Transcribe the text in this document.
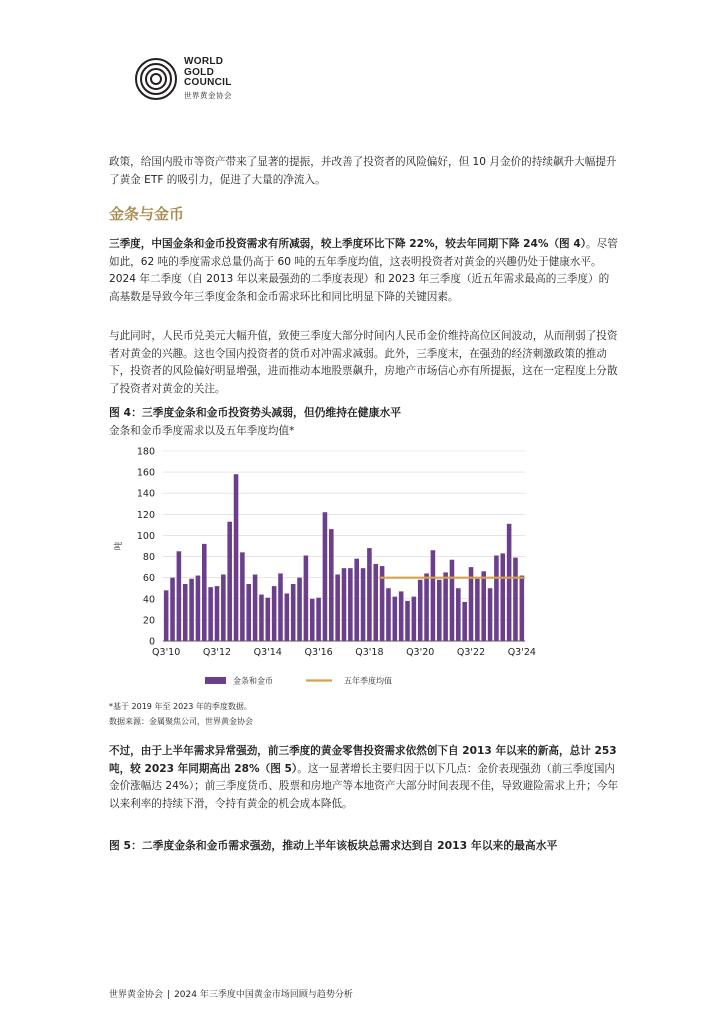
WORLD
GOLD
COUNCIL
世界黄金协会

政策，给国内股市等资产带来了显著的提振，并改善了投资者的风险偏好，但 10 月金价的持续飙升大幅提升了黄金 ETF 的吸引力，促进了大量的净流入。

金条与金币

三季度，中国金条和金币投资需求有所减弱，较上季度环比下降 22%，较去年同期下降 24%（图 4）。尽管如此，62 吨的季度需求总量仍高于 60 吨的五年季度均值，这表明投资者对黄金的兴趣仍处于健康水平。2024 年二季度（自 2013 年以来最强劲的二季度表现）和 2023 年三季度（近五年需求最高的三季度）的高基数是导致今年三季度金条和金币需求环比和同比明显下降的关键因素。

与此同时，人民币兑美元大幅升值，致使三季度大部分时间内人民币金价维持高位区间波动，从而削弱了投资者对黄金的兴趣。这也令国内投资者的货币对冲需求减弱。此外，三季度末，在强劲的经济刺激政策的推动下，投资者的风险偏好明显增强，进而推动本地股票飙升，房地产市场信心亦有所提振，这在一定程度上分散了投资者对黄金的关注。

图 4：三季度金条和金币投资势头减弱，但仍维持在健康水平

金条和金币季度需求以及五年季度均值*

0
20
40
60
80
100
120
140
160
180
吨
Q3'10 Q3'12 Q3'14 Q3'16 Q3'18 Q3'20 Q3'22 Q3'24
金条和金币	五年季度均值

*基于 2019 年至 2023 年的季度数据。

数据来源：金属聚焦公司，世界黄金协会

不过，由于上半年需求异常强劲，前三季度的黄金零售投资需求依然创下自 2013 年以来的新高，总计 253 吨，较 2023 年同期高出 28%（图 5）。这一显著增长主要归因于以下几点：金价表现强劲（前三季度国内金价涨幅达 24%）；前三季度货币、股票和房地产等本地资产大部分时间表现不佳，导致避险需求上升；今年以来利率的持续下滑，令持有黄金的机会成本降低。

图 5：二季度金条和金币需求强劲，推动上半年该板块总需求达到自 2013 年以来的最高水平

世界黄金协会 | 2024 年三季度中国黄金市场回顾与趋势分析
